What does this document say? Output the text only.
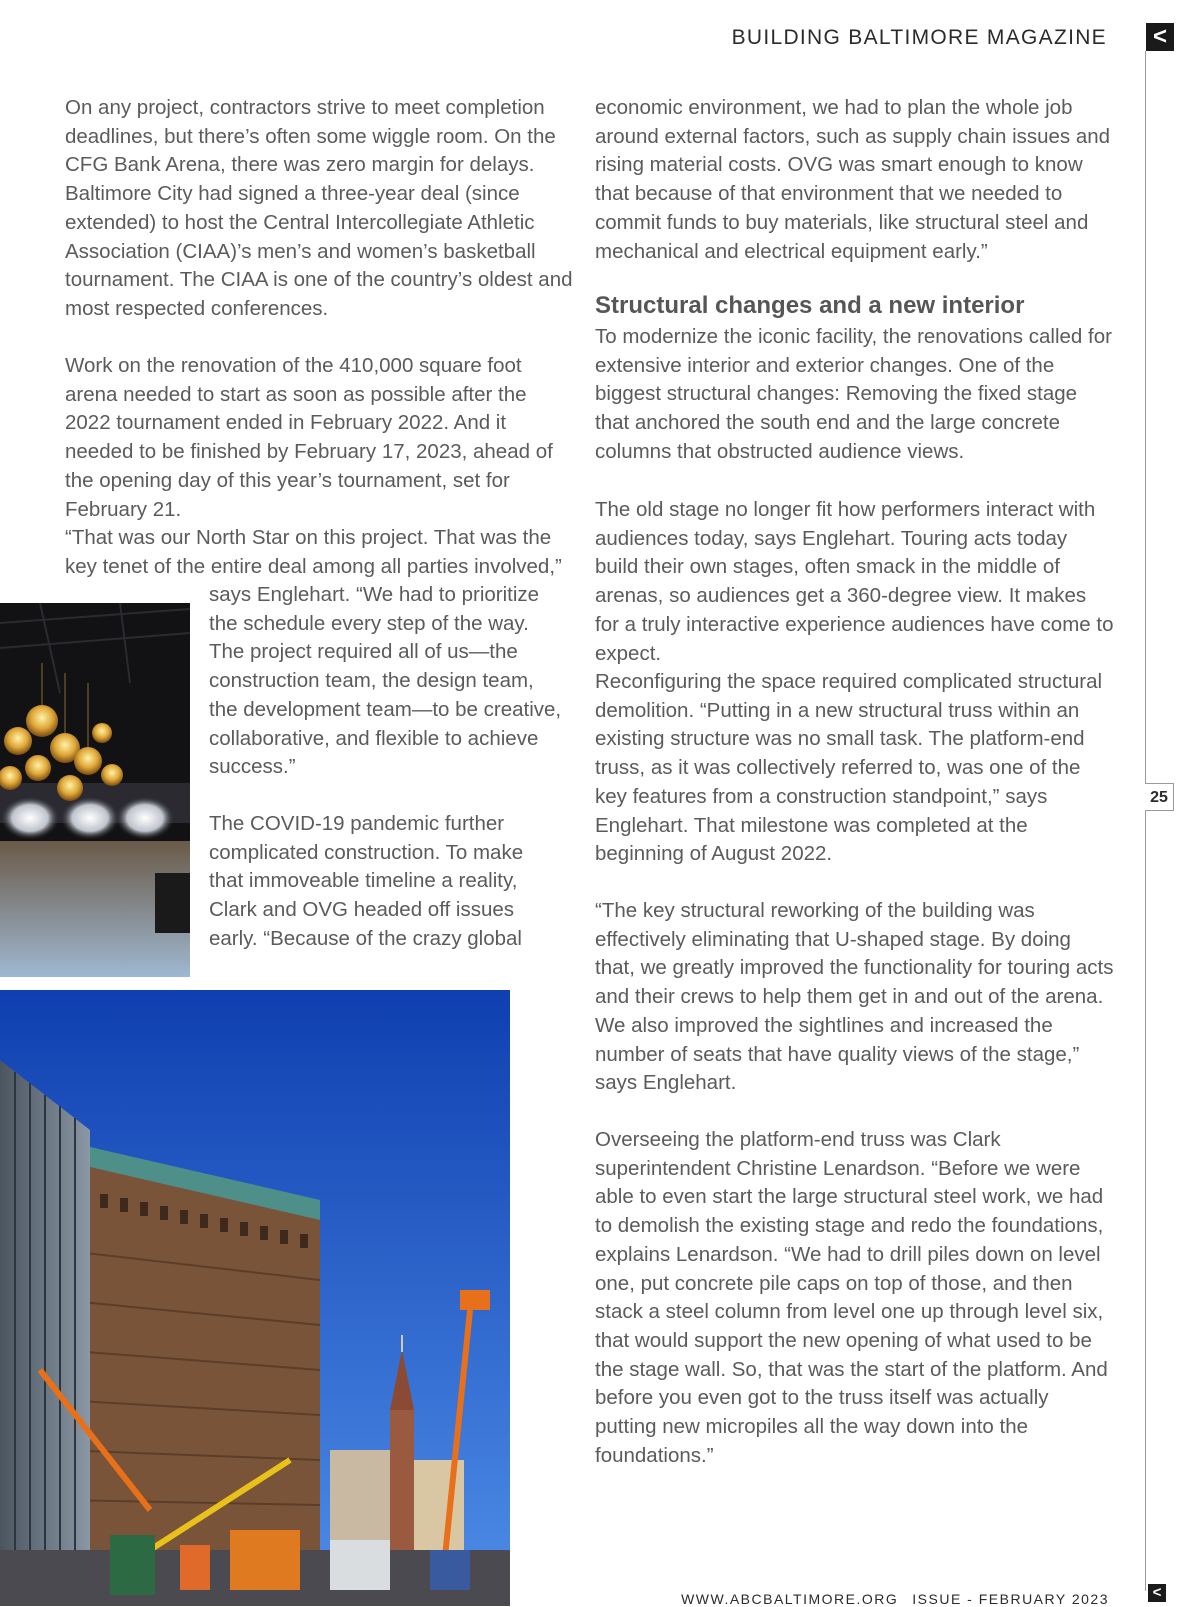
BUILDING BALTIMORE MAGAZINE <
25

On any project, contractors strive to meet completion deadlines, but there’s often some wiggle room. On the CFG Bank Arena, there was zero margin for delays. Baltimore City had signed a three-year deal (since extended) to host the Central Intercollegiate Athletic Association (CIAA)’s men’s and women’s basketball tournament. The CIAA is one of the country’s oldest and most respected conferences.

Work on the renovation of the 410,000 square foot arena needed to start as soon as possible after the 2022 tournament ended in February 2022. And it needed to be finished by February 17, 2023, ahead of the opening day of this year’s tournament, set for February 21.

“That was our North Star on this project. That was the key tenet of the entire deal among all parties involved,”

says Englehart. “We had to prioritize the schedule every step of the way. The project required all of us—the construction team, the design team, the development team—to be creative, collaborative, and flexible to achieve success.”

The COVID-19 pandemic further complicated construction. To make that immoveable timeline a reality, Clark and OVG headed off issues early. “Because of the crazy global

economic environment, we had to plan the whole job around external factors, such as supply chain issues and rising material costs. OVG was smart enough to know that because of that environment that we needed to commit funds to buy materials, like structural steel and mechanical and electrical equipment early.”

Structural changes and a new interior

To modernize the iconic facility, the renovations called for extensive interior and exterior changes. One of the biggest structural changes: Removing the fixed stage that anchored the south end and the large concrete columns that obstructed audience views.

The old stage no longer fit how performers interact with audiences today, says Englehart. Touring acts today build their own stages, often smack in the middle of arenas, so audiences get a 360-degree view. It makes for a truly interactive experience audiences have come to expect.

Reconfiguring the space required complicated structural demolition. “Putting in a new structural truss within an existing structure was no small task. The platform-end truss, as it was collectively referred to, was one of the key features from a construction standpoint,” says Englehart. That milestone was completed at the beginning of August 2022.

“The key structural reworking of the building was effectively eliminating that U-shaped stage. By doing that, we greatly improved the functionality for touring acts and their crews to help them get in and out of the arena. We also improved the sightlines and increased the number of seats that have quality views of the stage,” says Englehart.

Overseeing the platform-end truss was Clark superintendent Christine Lenardson. “Before we were able to even start the large structural steel work, we had to demolish the existing stage and redo the foundations, explains Lenardson. “We had to drill piles down on level one, put concrete pile caps on top of those, and then stack a steel column from level one up through level six, that would support the new opening of what used to be the stage wall. So, that was the start of the platform. And before you even got to the truss itself was actually putting new micropiles all the way down into the foundations.”

WWW.ABCBALTIMORE.ORG ISSUE - FEBRUARY 2023	<
